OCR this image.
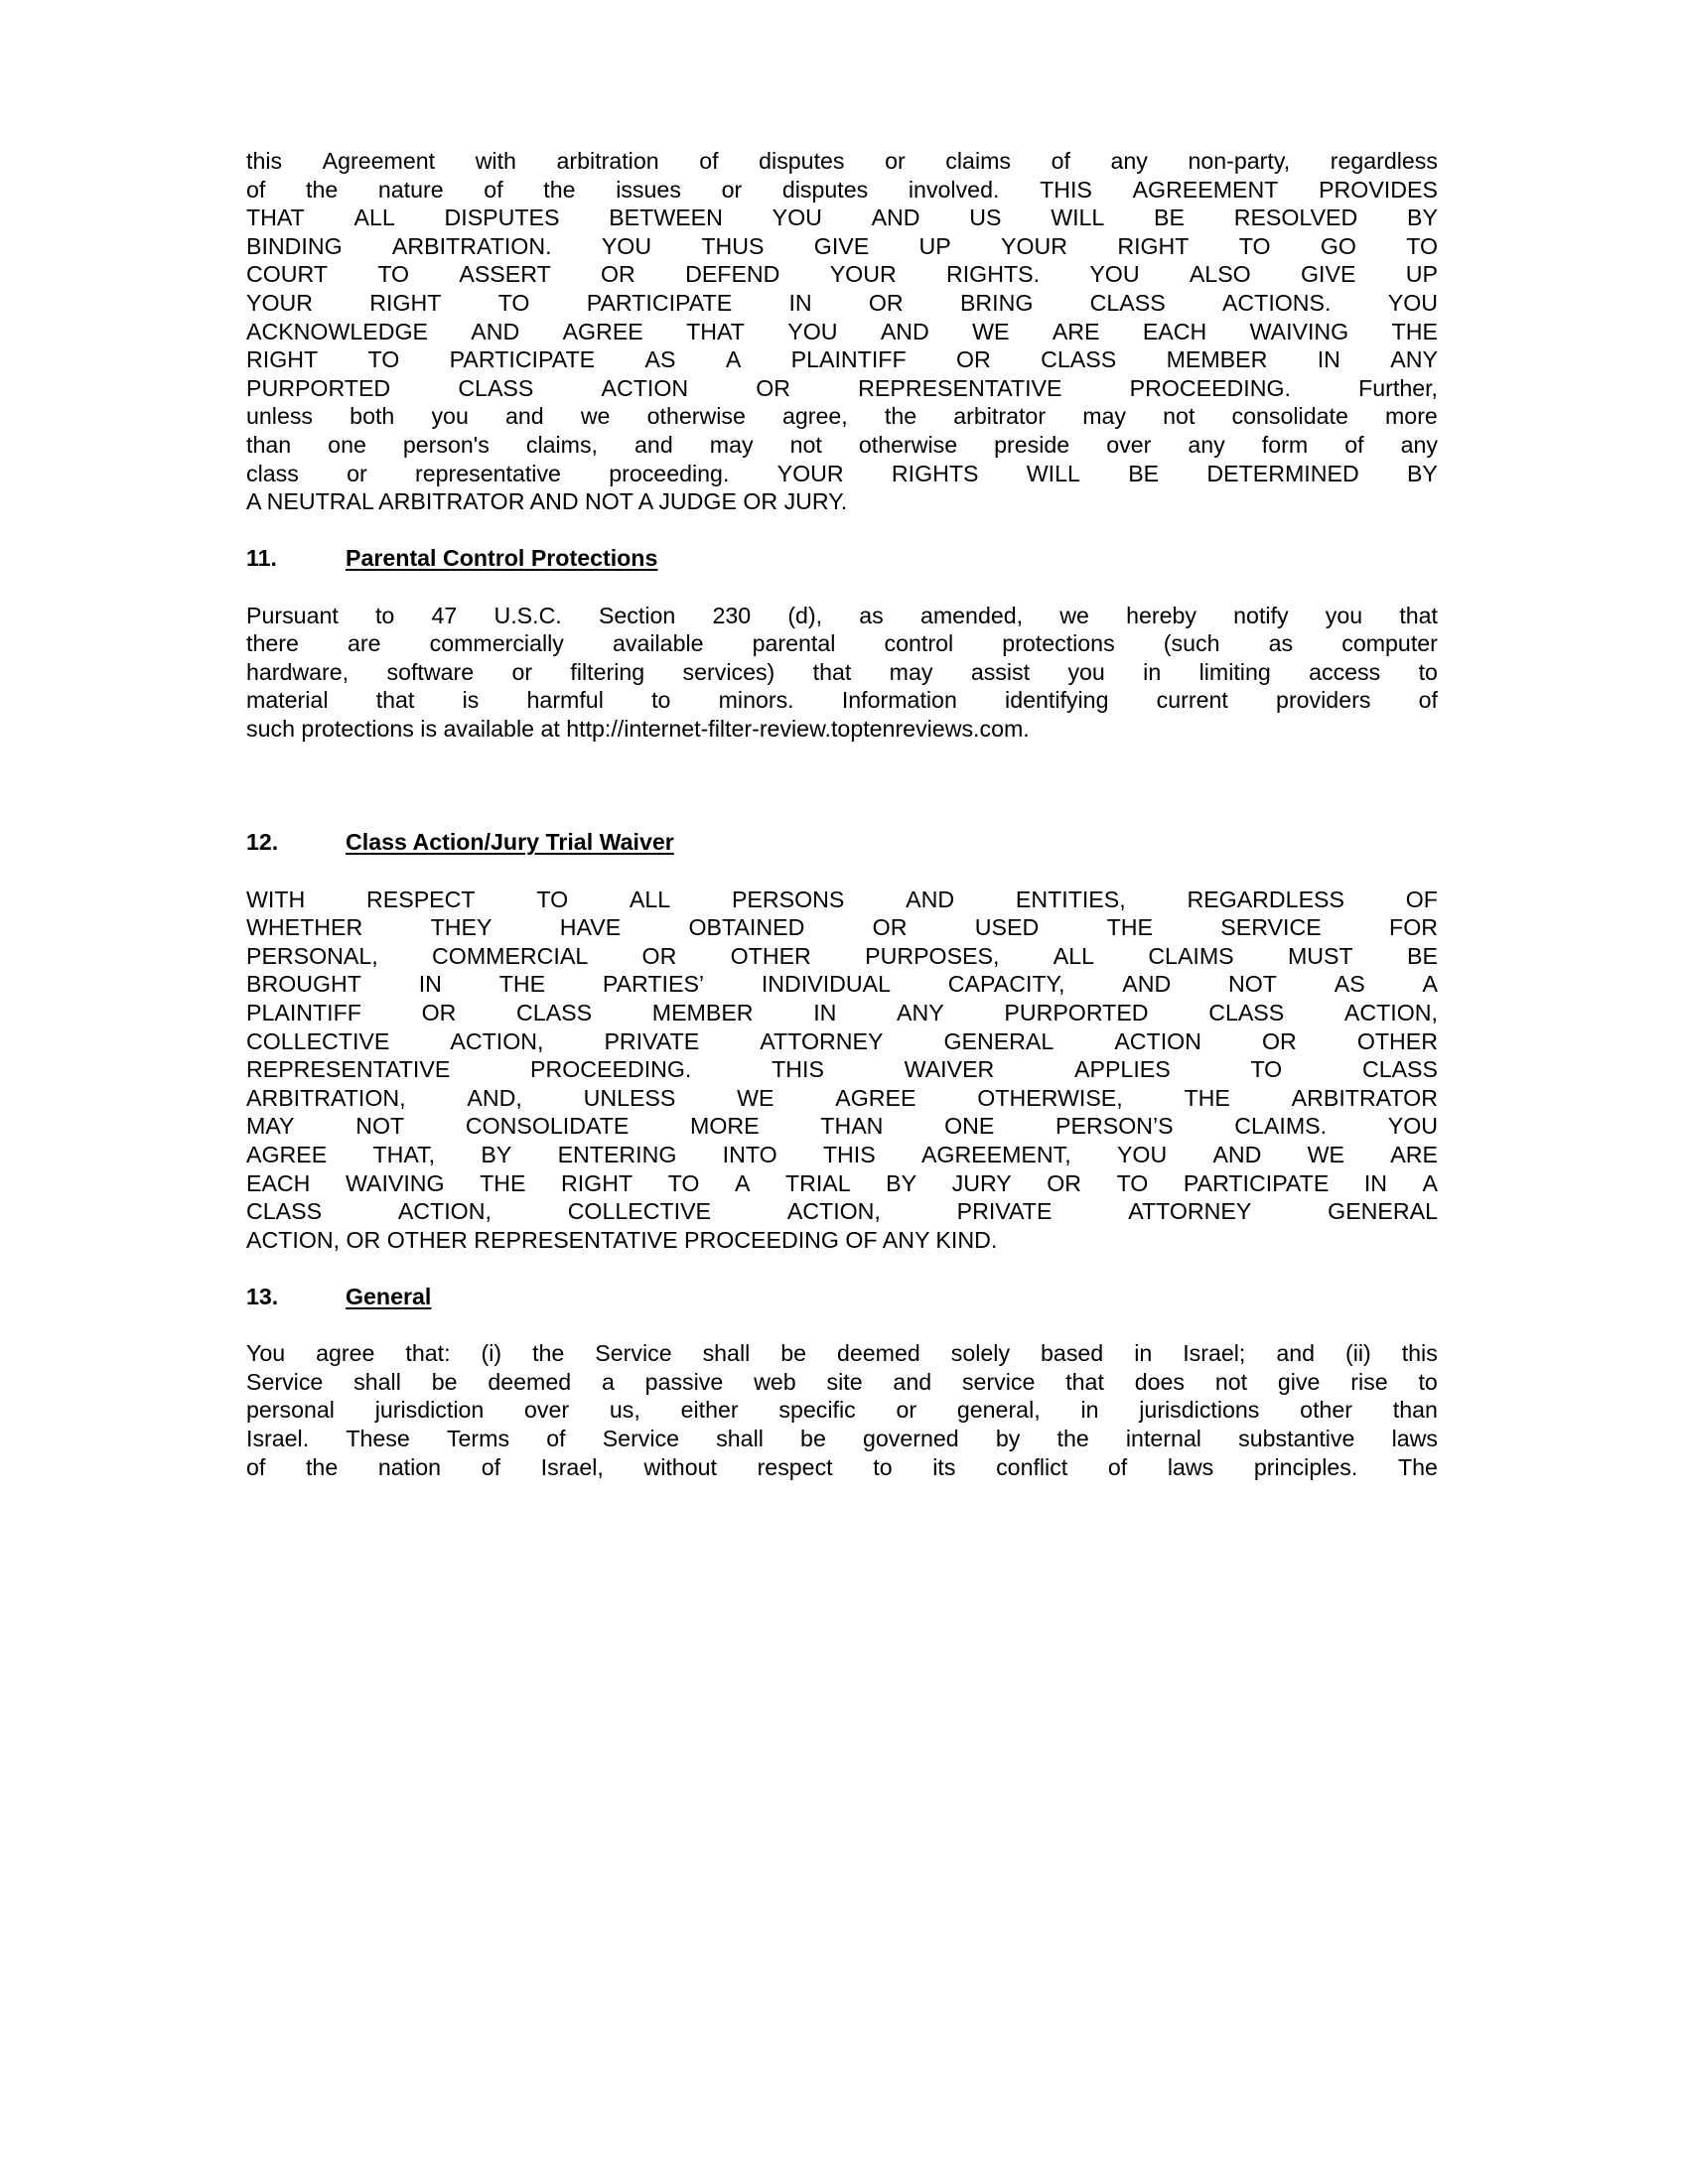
this Agreement with arbitration of disputes or claims of any non-party, regardless
of the nature of the issues or disputes involved. THIS AGREEMENT PROVIDES
THAT ALL DISPUTES BETWEEN YOU AND US WILL BE RESOLVED BY
BINDING ARBITRATION. YOU THUS GIVE UP YOUR RIGHT TO GO TO
COURT TO ASSERT OR DEFEND YOUR RIGHTS. YOU ALSO GIVE UP
YOUR RIGHT TO PARTICIPATE IN OR BRING CLASS ACTIONS. YOU
ACKNOWLEDGE AND AGREE THAT YOU AND WE ARE EACH WAIVING THE
RIGHT TO PARTICIPATE AS A PLAINTIFF OR CLASS MEMBER IN ANY
PURPORTED	CLASS	ACTION	OR	REPRESENTATIVE	PROCEEDING.	Further,
unless both you and we otherwise agree, the arbitrator may not consolidate more
than one person's claims, and may not otherwise preside over any form of any
class or representative proceeding. YOUR RIGHTS WILL BE DETERMINED BY
A NEUTRAL ARBITRATOR AND NOT A JUDGE OR JURY.
11.	Parental Control Protections
Pursuant to 47 U.S.C. Section 230 (d), as amended, we hereby notify you that
there are commercially available parental control protections (such as computer
hardware, software or filtering services) that may assist you in limiting access to
material that is harmful to minors. Information identifying current providers of
such protections is available at http://internet-filter-review.toptenreviews.com.
12.	Class Action/Jury Trial Waiver
WITH	RESPECT	TO	ALL	PERSONS	AND	ENTITIES,	REGARDLESS	OF
WHETHER	THEY	HAVE	OBTAINED	OR	USED	THE	SERVICE	FOR
PERSONAL, COMMERCIAL OR OTHER PURPOSES, ALL CLAIMS MUST BE
BROUGHT IN THE PARTIES’ INDIVIDUAL CAPACITY, AND NOT AS A
PLAINTIFF	OR	CLASS	MEMBER	IN	ANY	PURPORTED	CLASS	ACTION,
COLLECTIVE	ACTION,	PRIVATE	ATTORNEY	GENERAL	ACTION	OR	OTHER
REPRESENTATIVE	PROCEEDING.	THIS	WAIVER	APPLIES	TO	CLASS
ARBITRATION,	AND,	UNLESS	WE	AGREE	OTHERWISE,	THE	ARBITRATOR
MAY	NOT	CONSOLIDATE	MORE	THAN	ONE	PERSON’S	CLAIMS.	YOU
AGREE THAT, BY ENTERING INTO THIS AGREEMENT, YOU AND WE ARE
EACH WAIVING THE RIGHT TO A TRIAL BY JURY OR TO PARTICIPATE IN A
CLASS	ACTION,	COLLECTIVE	ACTION,	PRIVATE	ATTORNEY	GENERAL
ACTION, OR OTHER REPRESENTATIVE PROCEEDING OF ANY KIND.
13.	General
You agree that: (i) the Service shall be deemed solely based in Israel; and (ii) this
Service shall be deemed a passive web site and service that does not give rise to
personal jurisdiction over us, either specific or general, in jurisdictions other than
Israel. These Terms of Service shall be governed by the internal substantive laws
of the nation of Israel, without respect to its conflict of laws principles. The
